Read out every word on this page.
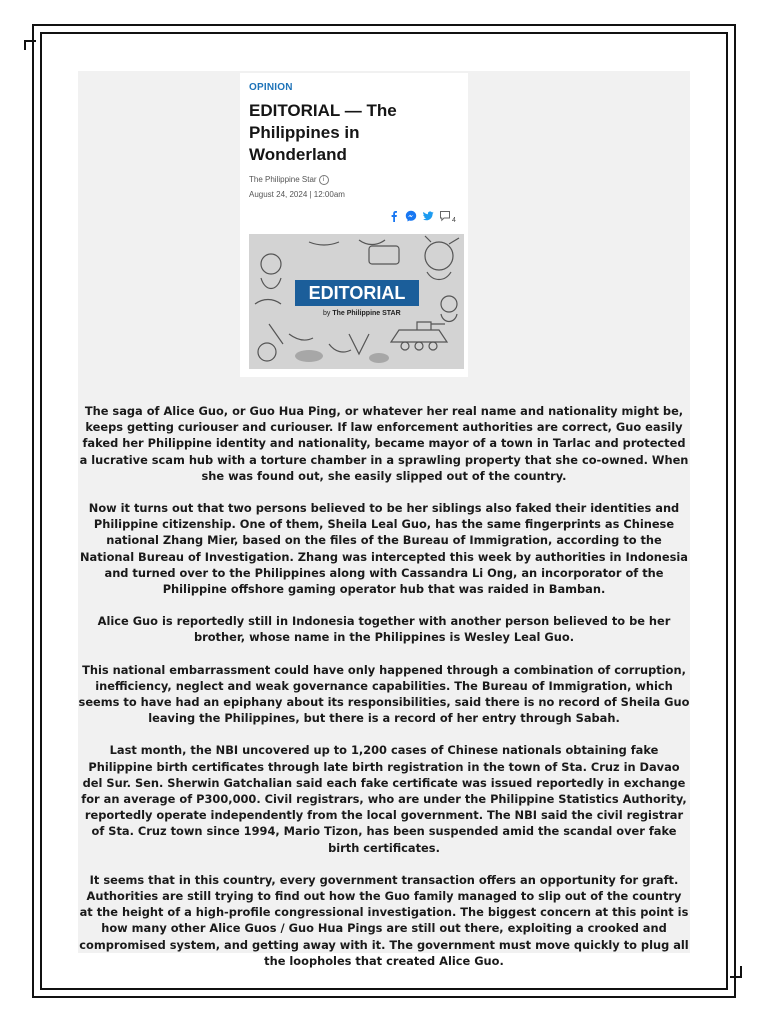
OPINION
EDITORIAL — The Philippines in Wonderland
The Philippine Star i
August 24, 2024 | 12:00am
4
EDITORIAL
by The Philippine STAR

The saga of Alice Guo, or Guo Hua Ping, or whatever her real name and nationality might be, keeps getting curiouser and curiouser. If law enforcement authorities are correct, Guo easily faked her Philippine identity and nationality, became mayor of a town in Tarlac and protected a lucrative scam hub with a torture chamber in a sprawling property that she co-owned. When she was found out, she easily slipped out of the country.

Now it turns out that two persons believed to be her siblings also faked their identities and Philippine citizenship. One of them, Sheila Leal Guo, has the same fingerprints as Chinese national Zhang Mier, based on the files of the Bureau of Immigration, according to the National Bureau of Investigation. Zhang was intercepted this week by authorities in Indonesia and turned over to the Philippines along with Cassandra Li Ong, an incorporator of the Philippine offshore gaming operator hub that was raided in Bamban.

Alice Guo is reportedly still in Indonesia together with another person believed to be her brother, whose name in the Philippines is Wesley Leal Guo.

This national embarrassment could have only happened through a combination of corruption, inefficiency, neglect and weak governance capabilities. The Bureau of Immigration, which seems to have had an epiphany about its responsibilities, said there is no record of Sheila Guo leaving the Philippines, but there is a record of her entry through Sabah.

Last month, the NBI uncovered up to 1,200 cases of Chinese nationals obtaining fake Philippine birth certificates through late birth registration in the town of Sta. Cruz in Davao del Sur. Sen. Sherwin Gatchalian said each fake certificate was issued reportedly in exchange for an average of P300,000. Civil registrars, who are under the Philippine Statistics Authority, reportedly operate independently from the local government. The NBI said the civil registrar of Sta. Cruz town since 1994, Mario Tizon, has been suspended amid the scandal over fake birth certificates.

It seems that in this country, every government transaction offers an opportunity for graft. Authorities are still trying to find out how the Guo family managed to slip out of the country at the height of a high-profile congressional investigation. The biggest concern at this point is how many other Alice Guos / Guo Hua Pings are still out there, exploiting a crooked and compromised system, and getting away with it. The government must move quickly to plug all the loopholes that created Alice Guo.
